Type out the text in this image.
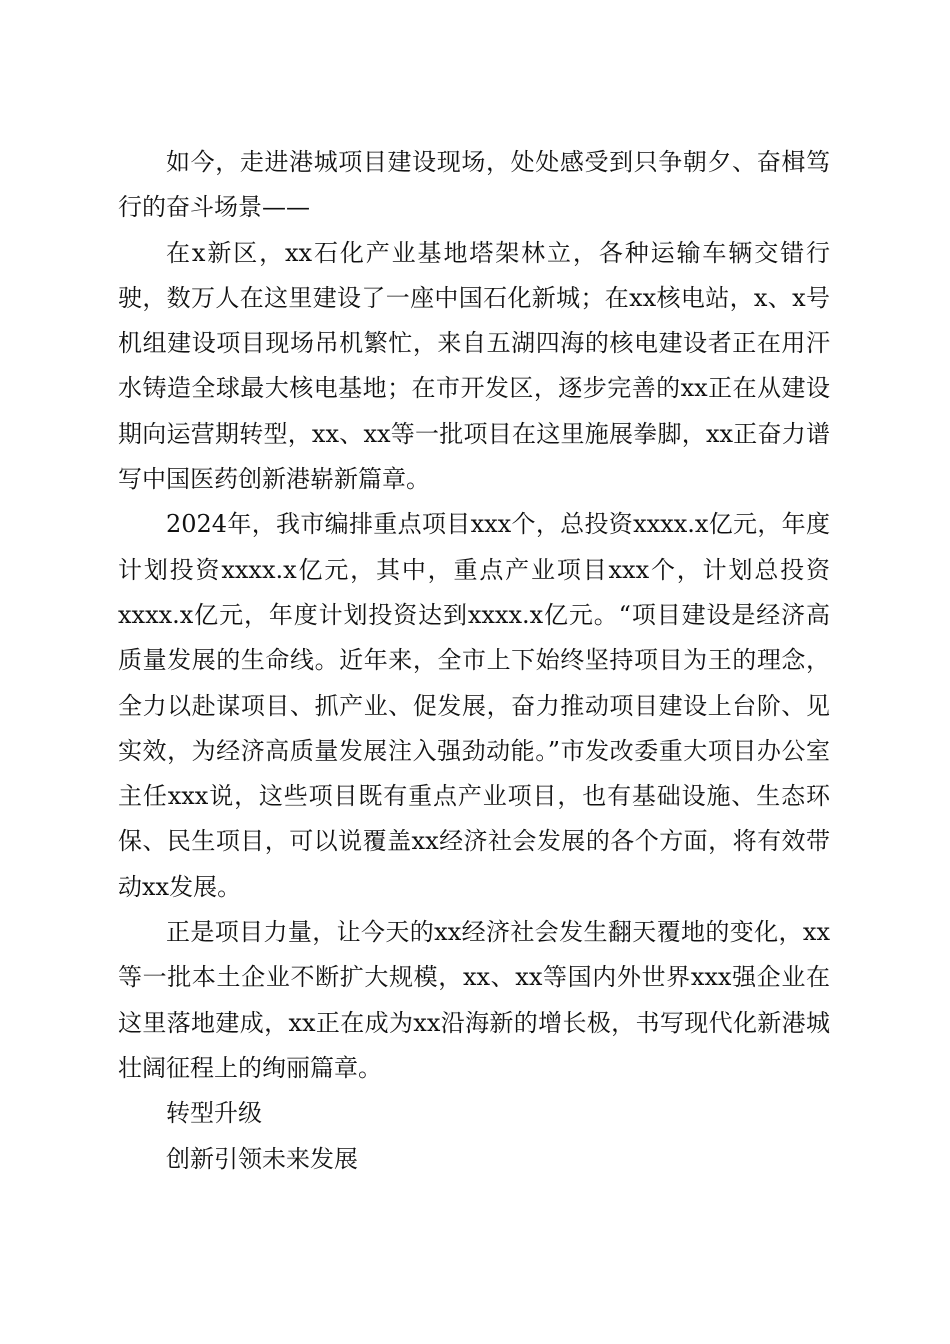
如今，走进港城项目建设现场，处处感受到只争朝夕、奋楫笃行的奋斗场景——

在x新区，xx石化产业基地塔架林立，各种运输车辆交错行驶，数万人在这里建设了一座中国石化新城；在xx核电站，x、x号机组建设项目现场吊机繁忙，来自五湖四海的核电建设者正在用汗水铸造全球最大核电基地；在市开发区，逐步完善的xx正在从建设期向运营期转型，xx、xx等一批项目在这里施展拳脚，xx正奋力谱写中国医药创新港崭新篇章。

2024年，我市编排重点项目xxx个，总投资xxxx.x亿元，年度计划投资xxxx.x亿元，其中，重点产业项目xxx个，计划总投资xxxx.x亿元，年度计划投资达到xxxx.x亿元。“项目建设是经济高质量发展的生命线。近年来，全市上下始终坚持项目为王的理念，全力以赴谋项目、抓产业、促发展，奋力推动项目建设上台阶、见实效，为经济高质量发展注入强劲动能。”市发改委重大项目办公室主任xxx说，这些项目既有重点产业项目，也有基础设施、生态环保、民生项目，可以说覆盖xx经济社会发展的各个方面，将有效带动xx发展。

正是项目力量，让今天的xx经济社会发生翻天覆地的变化，xx等一批本土企业不断扩大规模，xx、xx等国内外世界xxx强企业在这里落地建成，xx正在成为xx沿海新的增长极，书写现代化新港城壮阔征程上的绚丽篇章。

转型升级

创新引领未来发展
